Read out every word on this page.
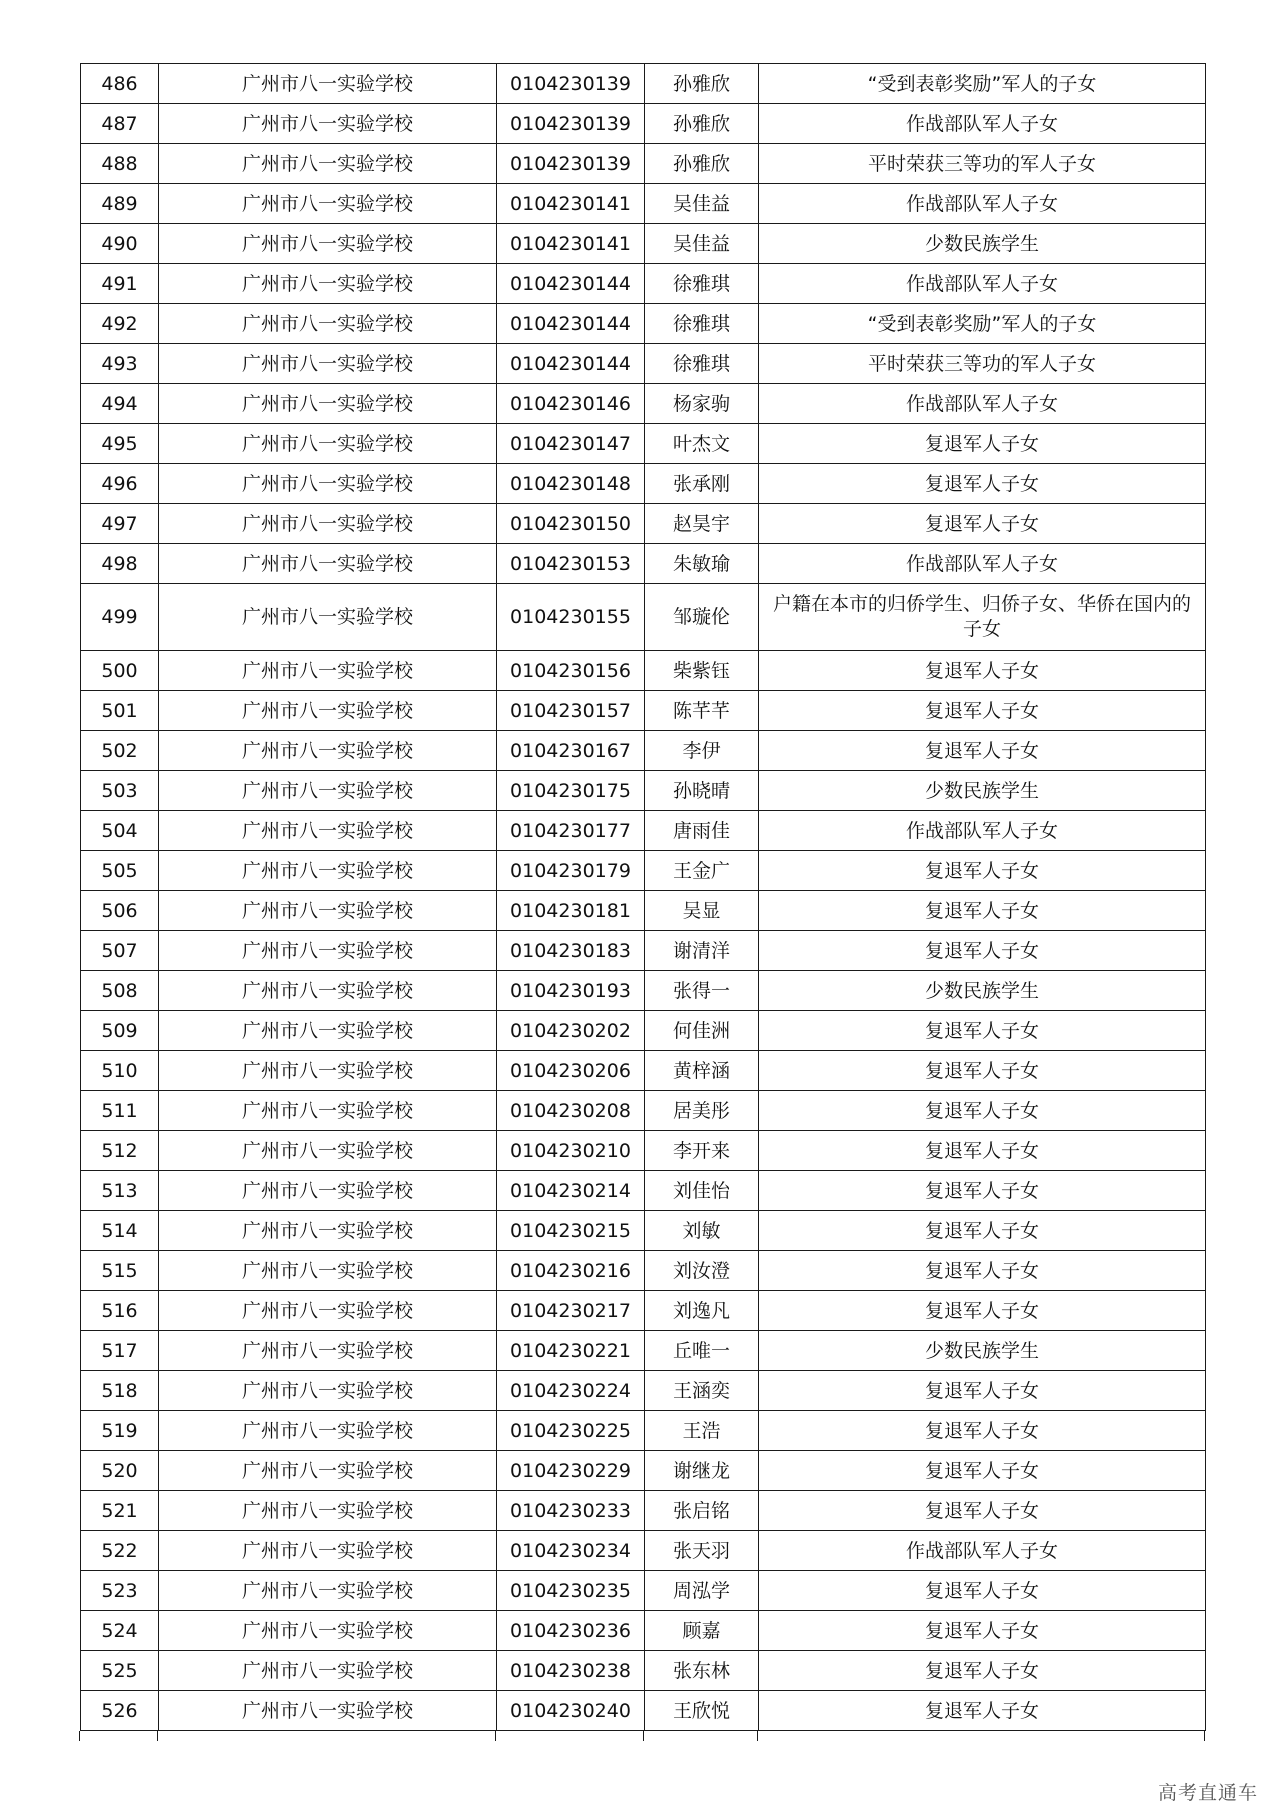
486	广州市八一实验学校	0104230139	孙雅欣	“受到表彰奖励”军人的子女
487	广州市八一实验学校	0104230139	孙雅欣	作战部队军人子女
488	广州市八一实验学校	0104230139	孙雅欣	平时荣获三等功的军人子女
489	广州市八一实验学校	0104230141	吴佳益	作战部队军人子女
490	广州市八一实验学校	0104230141	吴佳益	少数民族学生
491	广州市八一实验学校	0104230144	徐雅琪	作战部队军人子女
492	广州市八一实验学校	0104230144	徐雅琪	“受到表彰奖励”军人的子女
493	广州市八一实验学校	0104230144	徐雅琪	平时荣获三等功的军人子女
494	广州市八一实验学校	0104230146	杨家驹	作战部队军人子女
495	广州市八一实验学校	0104230147	叶杰文	复退军人子女
496	广州市八一实验学校	0104230148	张承刚	复退军人子女
497	广州市八一实验学校	0104230150	赵昊宇	复退军人子女
498	广州市八一实验学校	0104230153	朱敏瑜	作战部队军人子女
499	广州市八一实验学校	0104230155	邹璇伦	户籍在本市的归侨学生、归侨子女、华侨在国内的子女
500	广州市八一实验学校	0104230156	柴紫钰	复退军人子女
501	广州市八一实验学校	0104230157	陈芊芊	复退军人子女
502	广州市八一实验学校	0104230167	李伊	复退军人子女
503	广州市八一实验学校	0104230175	孙晓晴	少数民族学生
504	广州市八一实验学校	0104230177	唐雨佳	作战部队军人子女
505	广州市八一实验学校	0104230179	王金广	复退军人子女
506	广州市八一实验学校	0104230181	吴显	复退军人子女
507	广州市八一实验学校	0104230183	谢清洋	复退军人子女
508	广州市八一实验学校	0104230193	张得一	少数民族学生
509	广州市八一实验学校	0104230202	何佳洲	复退军人子女
510	广州市八一实验学校	0104230206	黄梓涵	复退军人子女
511	广州市八一实验学校	0104230208	居美彤	复退军人子女
512	广州市八一实验学校	0104230210	李开来	复退军人子女
513	广州市八一实验学校	0104230214	刘佳怡	复退军人子女
514	广州市八一实验学校	0104230215	刘敏	复退军人子女
515	广州市八一实验学校	0104230216	刘汝澄	复退军人子女
516	广州市八一实验学校	0104230217	刘逸凡	复退军人子女
517	广州市八一实验学校	0104230221	丘唯一	少数民族学生
518	广州市八一实验学校	0104230224	王涵奕	复退军人子女
519	广州市八一实验学校	0104230225	王浩	复退军人子女
520	广州市八一实验学校	0104230229	谢继龙	复退军人子女
521	广州市八一实验学校	0104230233	张启铭	复退军人子女
522	广州市八一实验学校	0104230234	张天羽	作战部队军人子女
523	广州市八一实验学校	0104230235	周泓学	复退军人子女
524	广州市八一实验学校	0104230236	顾嘉	复退军人子女
525	广州市八一实验学校	0104230238	张东林	复退军人子女
526	广州市八一实验学校	0104230240	王欣悦	复退军人子女
高考直通车
